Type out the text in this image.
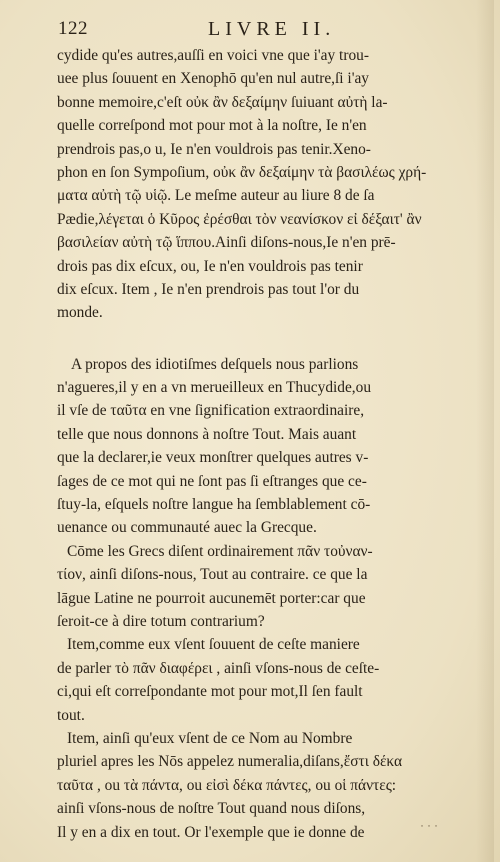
122	LIVRE II.
cydide qu'es autres,auſſi en voici vne que i'ay trou-
uee plus ſouuent en Xenophō qu'en nul autre,ſi i'ay
bonne memoire,c'eſt οὐκ ἂν δεξαίμην ſuiuant αὐτὴ la-
quelle correſpond mot pour mot à la noſtre, Ie n'en
prendrois pas,o u, Ie n'en vouldrois pas tenir.Xeno-
phon en ſon Sympoſium, οὐκ ἂν δεξαίμην τὰ βασιλέως χρή-
ματα αὐτὴ τῷ υἱῷ. Le meſme auteur au liure 8 de ſa
Pædie,λέγεται ὁ Κῦρος ἐρέσθαι τὸν νεανίσκον εἰ δέξαιτ' ἂν
βασιλείαν αὐτὴ τῷ ἵππου.Ainſi diſons-nous,Ie n'en prē-
drois pas dix eſcux, ou, Ie n'en vouldrois pas tenir
dix eſcux. Item , Ie n'en prendrois pas tout l'or du
monde.
A propos des idiotiſmes deſquels nous parlions
n'agueres,il y en a vn merueilleux en Thucydide,ou
il vſe de ταῦτα en vne ſignification extraordinaire,
telle que nous donnons à noſtre Tout. Mais auant
que la declarer,ie veux monſtrer quelques autres v-
ſages de ce mot qui ne ſont pas ſi eſtranges que ce-
ſtuy-la, eſquels noſtre langue ha ſemblablement cō-
uenance ou communauté auec la Grecque.
Cōme les Grecs diſent ordinairement πᾶν τοὐναν-
τίον, ainſi diſons-nous, Tout au contraire. ce que la
lāgue Latine ne pourroit aucunemēt porter:car que
ſeroit-ce à dire totum contrarium?
Item,comme eux vſent ſouuent de ceſte maniere
de parler τὸ πᾶν διαφέρει , ainſi vſons-nous de ceſte-
ci,qui eſt correſpondante mot pour mot,Il ſen fault
tout.
Item, ainſi qu'eux vſent de ce Nom au Nombre
pluriel apres les Nōs appelez numeralia,diſans,ἔστι δέκα
ταῦτα , ou τὰ πάντα, ou εἰσὶ δέκα πάντες, ou οἱ πάντες:
ainſi vſons-nous de noſtre Tout quand nous diſons,
Il y en a dix en tout. Or l'exemple que ie donne de	˙ ˙ ˙
